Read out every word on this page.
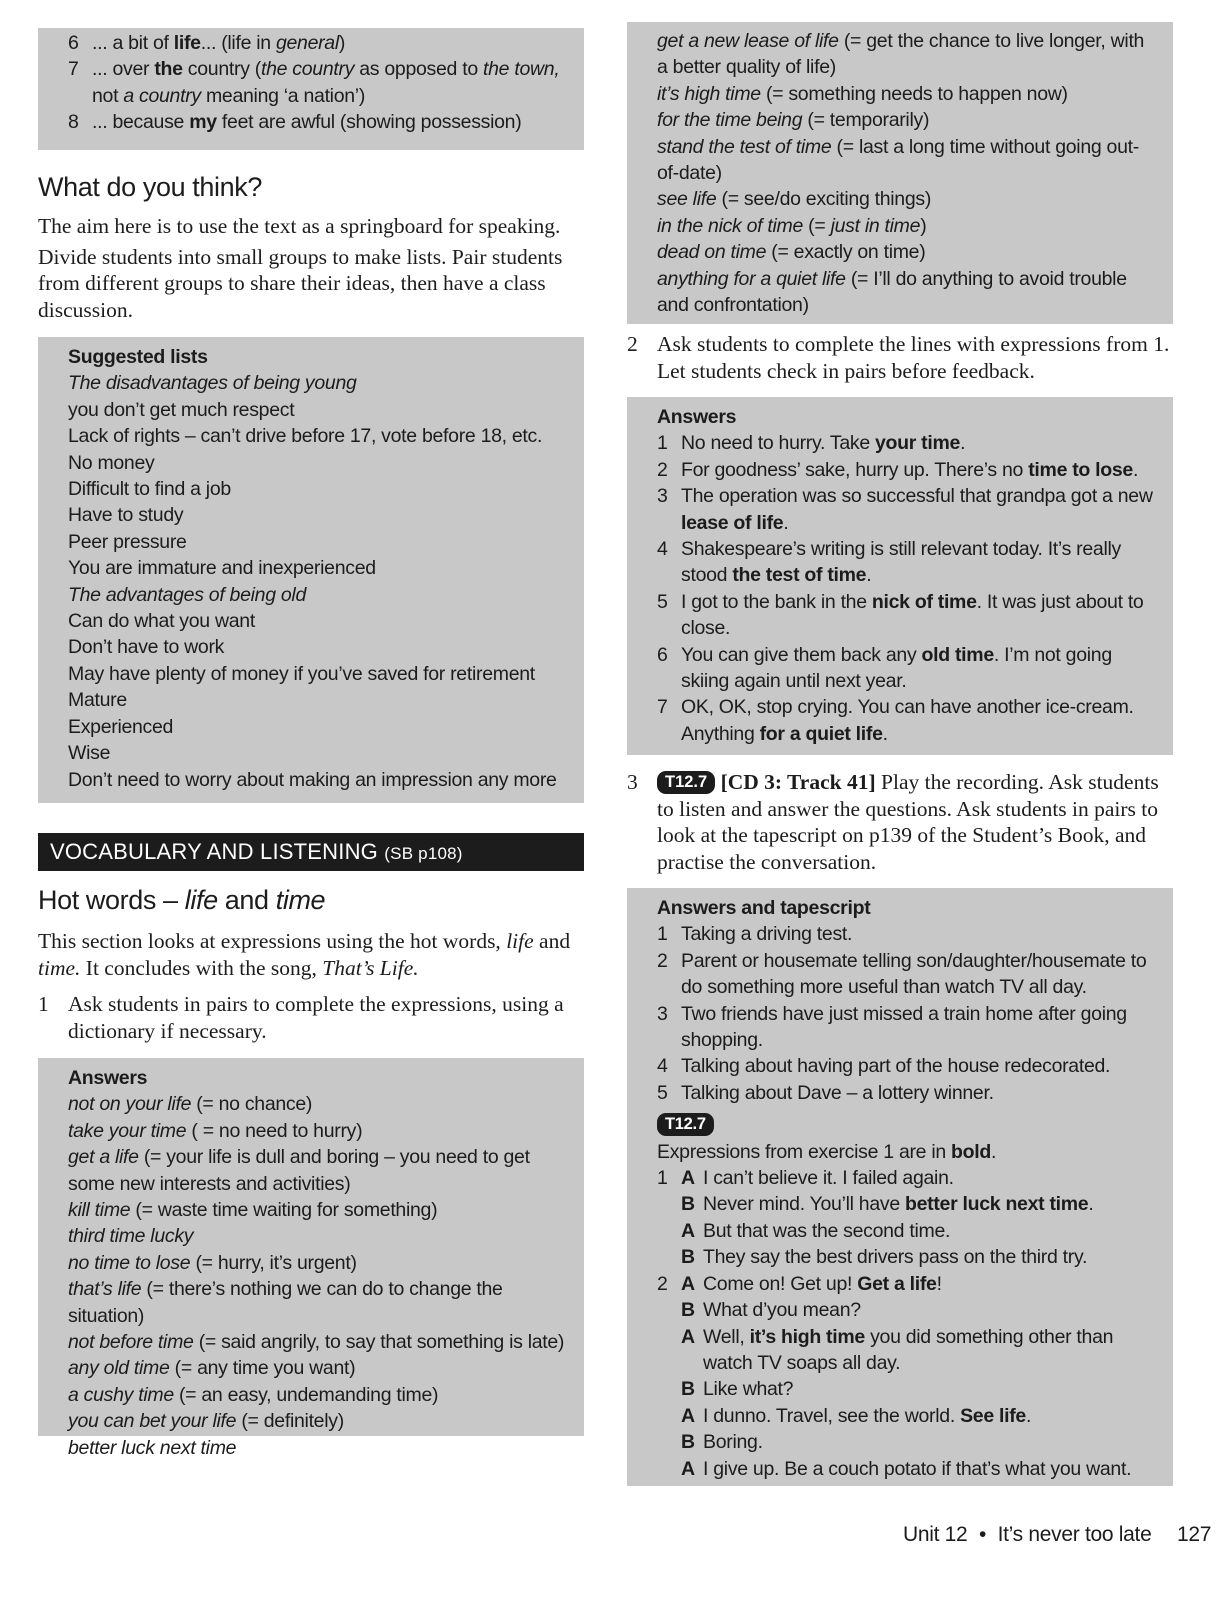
6 ... a bit of life... (life in general)
7 ... over the country (the country as opposed to the town, not a country meaning ‘a nation’)
8 ... because my feet are awful (showing possession)
What do you think?

The aim here is to use the text as a springboard for speaking.

Divide students into small groups to make lists. Pair students from different groups to share their ideas, then have a class discussion.

Suggested lists
The disadvantages of being young
you don’t get much respect
Lack of rights – can’t drive before 17, vote before 18, etc.
No money
Difficult to find a job
Have to study
Peer pressure
You are immature and inexperienced
The advantages of being old
Can do what you want
Don’t have to work
May have plenty of money if you’ve saved for retirement
Mature
Experienced
Wise
Don’t need to worry about making an impression any more
VOCABULARY AND LISTENING (SB p108)
Hot words – life and time

This section looks at expressions using the hot words, life and time. It concludes with the song, That’s Life.

1 Ask students in pairs to complete the expressions, using a dictionary if necessary.
Answers
not on your life (= no chance)
take your time ( = no need to hurry)
get a life (= your life is dull and boring – you need to get some new interests and activities)
kill time (= waste time waiting for something)
third time lucky
no time to lose (= hurry, it’s urgent)
that’s life (= there’s nothing we can do to change the situation)
not before time (= said angrily, to say that something is late)
any old time (= any time you want)
a cushy time (= an easy, undemanding time)
you can bet your life (= definitely)
better luck next time
get a new lease of life (= get the chance to live longer, with a better quality of life)
it’s high time (= something needs to happen now)
for the time being (= temporarily)
stand the test of time (= last a long time without going out-of-date)
see life (= see/do exciting things)
in the nick of time (= just in time)
dead on time (= exactly on time)
anything for a quiet life (= I’ll do anything to avoid trouble and confrontation)
2 Ask students to complete the lines with expressions from 1. Let students check in pairs before feedback.
Answers
1 No need to hurry. Take your time.
2 For goodness’ sake, hurry up. There’s no time to lose.
3 The operation was so successful that grandpa got a new lease of life.
4 Shakespeare’s writing is still relevant today. It’s really stood the test of time.
5 I got to the bank in the nick of time. It was just about to close.
6 You can give them back any old time. I’m not going skiing again until next year.
7 OK, OK, stop crying. You can have another ice-cream. Anything for a quiet life.
3	T12.7 [CD 3: Track 41] Play the recording. Ask students to listen and answer the questions. Ask students in pairs to look at the tapescript on p139 of the Student’s Book, and practise the conversation.
Answers and tapescript
1 Taking a driving test.
2 Parent or housemate telling son/daughter/housemate to do something more useful than watch TV all day.
3 Two friends have just missed a train home after going shopping.
4 Talking about having part of the house redecorated.
5 Talking about Dave – a lottery winner.
T12.7
Expressions from exercise 1 are in bold.
1 A I can’t believe it. I failed again.
B Never mind. You’ll have better luck next time.
A But that was the second time.
B They say the best drivers pass on the third try.
2 A Come on! Get up! Get a life!
B What d’you mean?
A Well, it’s high time you did something other than watch TV soaps all day.
B Like what?
A I dunno. Travel, see the world. See life.
B Boring.
A I give up. Be a couch potato if that’s what you want.
Unit 12 • It’s never too late 127
